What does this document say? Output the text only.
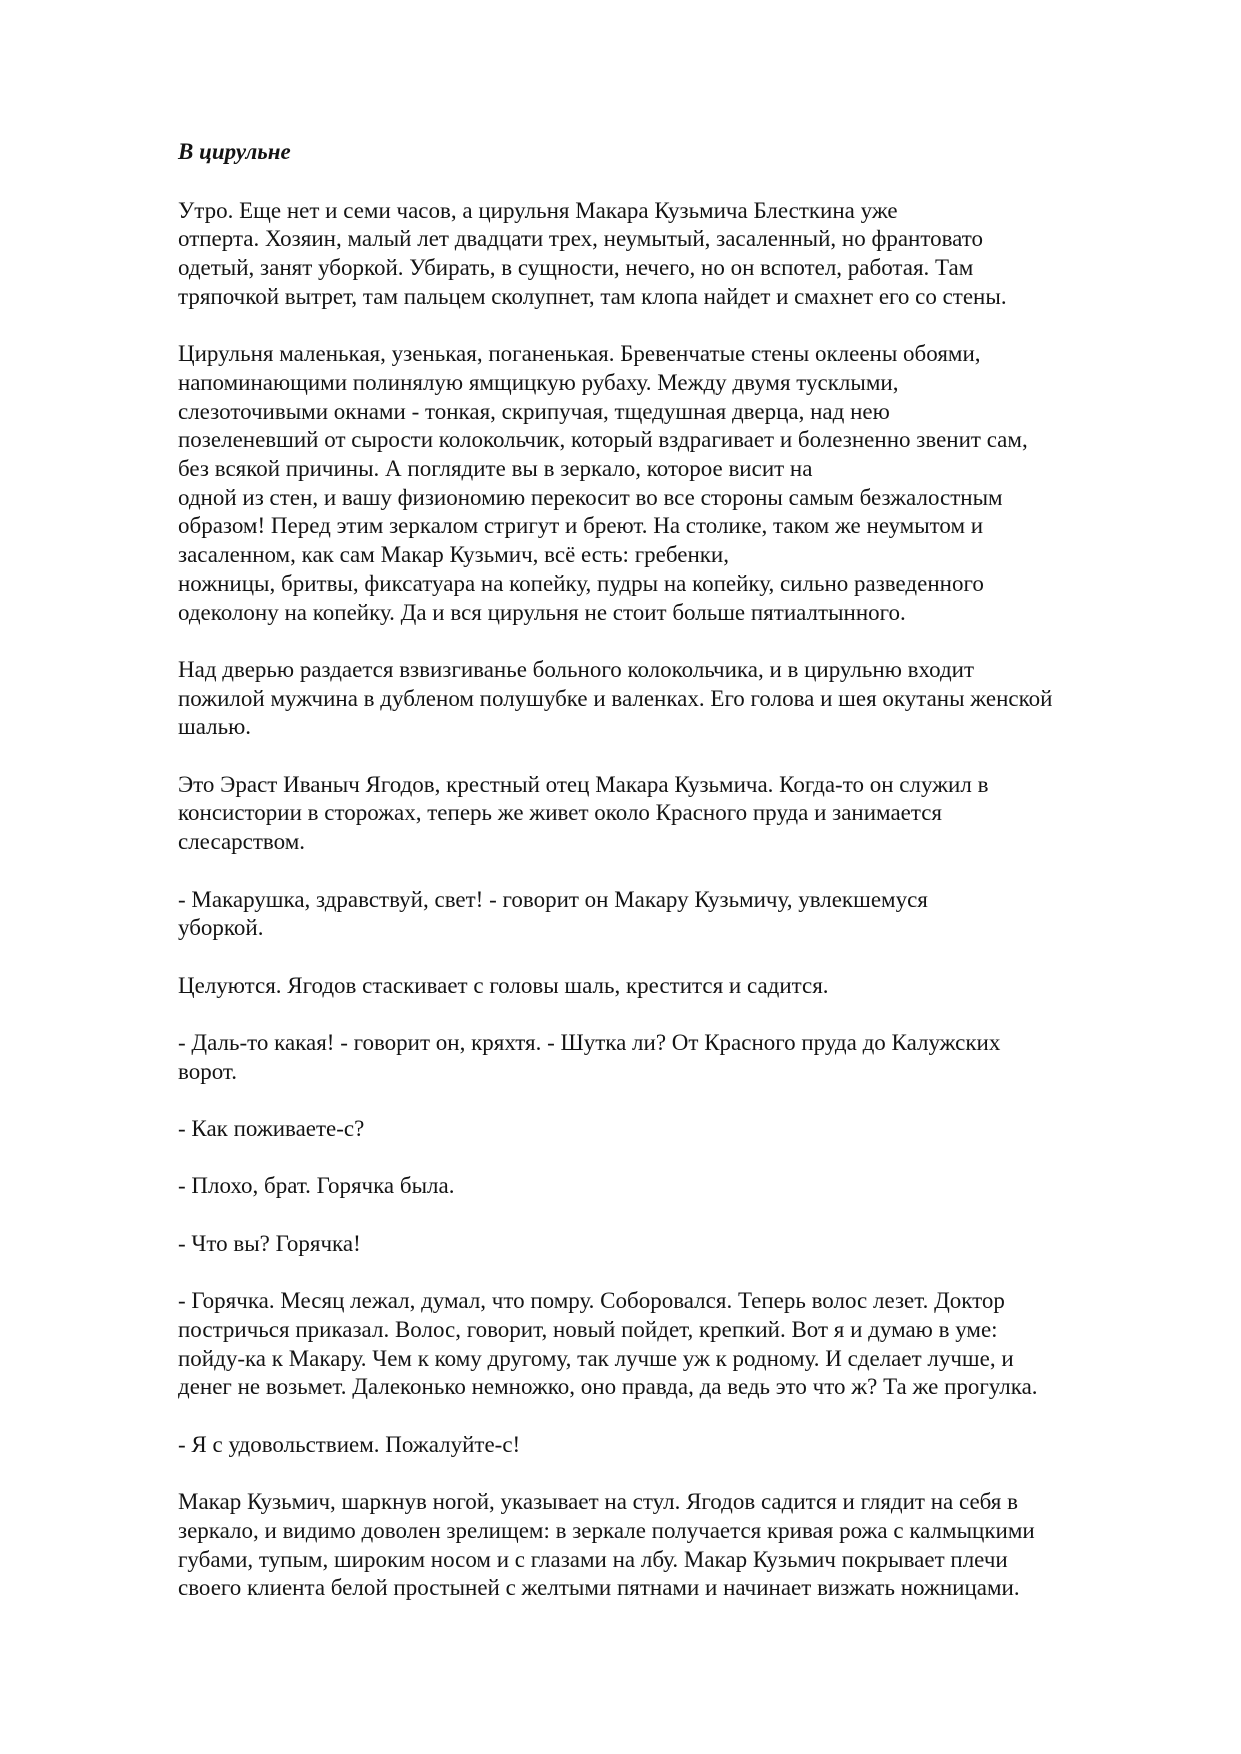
В цирульне
Утро. Еще нет и семи часов, а цирульня Макара Кузьмича Блесткина уже
отперта. Хозяин, малый лет двадцати трех, неумытый, засаленный, но франтовато
одетый, занят уборкой. Убирать, в сущности, нечего, но он вспотел, работая. Там
тряпочкой вытрет, там пальцем сколупнет, там клопа найдет и смахнет его со стены.
Цирульня маленькая, узенькая, поганенькая. Бревенчатые стены оклеены обоями,
напоминающими полинялую ямщицкую рубаху. Между двумя тусклыми,
слезоточивыми окнами - тонкая, скрипучая, тщедушная дверца, над нею
позеленевший от сырости колокольчик, который вздрагивает и болезненно звенит сам,
без всякой причины. А поглядите вы в зеркало, которое висит на
одной из стен, и вашу физиономию перекосит во все стороны самым безжалостным
образом! Перед этим зеркалом стригут и бреют. На столике, таком же неумытом и
засаленном, как сам Макар Кузьмич, всё есть: гребенки,
ножницы, бритвы, фиксатуара на копейку, пудры на копейку, сильно разведенного
одеколону на копейку. Да и вся цирульня не стоит больше пятиалтынного.
Над дверью раздается взвизгиванье больного колокольчика, и в цирульню входит
пожилой мужчина в дубленом полушубке и валенках. Его голова и шея окутаны женской
шалью.
Это Эраст Иваныч Ягодов, крестный отец Макара Кузьмича. Когда-то он служил в
консистории в сторожах, теперь же живет около Красного пруда и занимается
слесарством.
- Макарушка, здравствуй, свет! - говорит он Макару Кузьмичу, увлекшемуся
уборкой.
Целуются. Ягодов стаскивает с головы шаль, крестится и садится.
- Даль-то какая! - говорит он, кряхтя. - Шутка ли? От Красного пруда до Калужских
ворот.
- Как поживаете-с?
- Плохо, брат. Горячка была.
- Что вы? Горячка!
- Горячка. Месяц лежал, думал, что помру. Соборовался. Теперь волос лезет. Доктор
постричься приказал. Волос, говорит, новый пойдет, крепкий. Вот я и думаю в уме:
пойду-ка к Макару. Чем к кому другому, так лучше уж к родному. И сделает лучше, и
денег не возьмет. Далеконько немножко, оно правда, да ведь это что ж? Та же прогулка.
- Я с удовольствием. Пожалуйте-с!
Макар Кузьмич, шаркнув ногой, указывает на стул. Ягодов садится и глядит на себя в
зеркало, и видимо доволен зрелищем: в зеркале получается кривая рожа с калмыцкими
губами, тупым, широким носом и с глазами на лбу. Макар Кузьмич покрывает плечи
своего клиента белой простыней с желтыми пятнами и начинает визжать ножницами.
